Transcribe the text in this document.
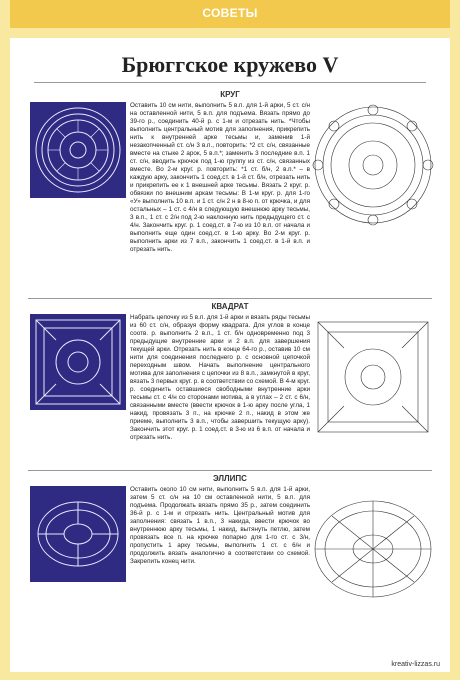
СОВЕТЫ
Брюггское кружево V
КРУГ

Оставить 10 см нити, выполнить 5 в.п. для 1-й арки, 5 ст. с/н на оставленной нити, 5 в.п. для подъема. Вязать прямо до 39-го р., соединить 40-й р. с 1-м и отрезать нить. *Чтобы выполнить центральный мотив для заполнения, прикрепить нить к внутренней арке тесьмы и, заменив 1-й незакопченный ст. с/н 3 в.п., повторить: *2 ст. с/н, связанные вместе на стыке 2 арок, 5 в.п.*; заменить 3 последние в.п. 1 ст. с/н, вводить крючок под 1-ю группу из ст. с/н, связанных вместе. Во 2-м круг. р. повторить: *1 ст. б/н, 2 в.п.* – в каждую арку, закончить 1 соед.ст. в 1-й ст. б/н, отрезать нить и прикрепить ее к 1 внешней арке тесьмы. Вязать 2 круг. р. обвязки по внешним аркам тесьмы: В 1-м круг. р. для 1-го «У» выполнить 10 в.п. и 1 ст. с/н 2 н в 8-ю п. от крючка, и для остальных – 1 ст. с 4/н в следующую внешнюю арку тесьмы, 3 в.п., 1 ст. с 2/н под 2-ю наклонную нить предыдущего ст. с 4/н. Закончить круг. р. 1 соед.ст. в 7-ю из 10 в.п. от начала и выполнить еще один соед.ст. в 1-ю арку. Во 2-м круг. р. выполнить арки из 7 в.п., закончить 1 соед.ст. в 1-й в.п. и отрезать нить.

КВАДРАТ

Набрать цепочку из 5 в.п. для 1-й арки и вязать ряды тесьмы из 60 ст. с/н, образуя форму квадрата. Для углов в конце соотв. р. выполнить 2 в.п., 1 ст. б/н одновременно под 3 предыдущие внутренние арки и 2 в.п. для завершения текущей арки. Отрезать нить в конце 64-го р., оставив 10 см нити для соединения последнего р. с основной цепочкой переходным швом. Начать выполнение центрального мотива для заполнения с цепочки из 8 в.п., замкнутой в круг, вязать 3 первых круг. р. в соответствии со схемой. В 4-м круг. р. соединить оставшиеся свободными внутренние арки тесьмы ст. с 4/н со сторонами мотива, а в углах – 2 ст. с 6/н, связанными вместе (ввести крючок в 1-ю арку после угла, 1 накид, провязать 3 п., на крючке 2 п., накид в этом же приеме, выполнить 3 в.п., чтобы завершить текущую арку). Закончить этот круг. р. 1 соед.ст. в 3-ю из 6 в.п. от начала и отрезать нить.

ЭЛЛИПС

Оставить около 10 см нити, выполнить 5 в.п. для 1-й арки, затем 5 ст. с/н на 10 см оставленной нити, 5 в.п. для подъема. Продолжать вязать прямо 35 р., затем соединить 36-й р. с 1-м и отрезать нить. Центральный мотив для заполнения: связать 1 в.п., 3 накида, ввести крючок во внутреннюю арку тесьмы, 1 накид, вытянуть петлю, затем провязать все п. на крючке попарно для 1-го ст. с 3/н, пропустить 1 арку тесьмы, выполнить 1 ст. с 6/н и продолжить вязать аналогично в соответствии со схемой. Закрепить конец нити.

kreativ-lizzas.ru
